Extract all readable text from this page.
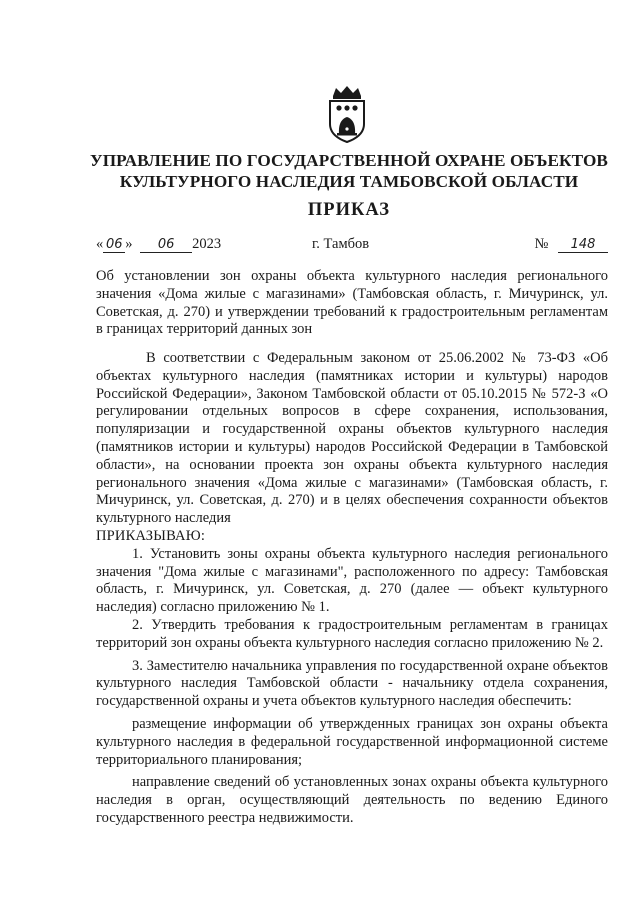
УПРАВЛЕНИЕ ПО ГОСУДАРСТВЕННОЙ ОХРАНЕ ОБЪЕКТОВ
КУЛЬТУРНОГО НАСЛЕДИЯ ТАМБОВСКОЙ ОБЛАСТИ
ПРИКАЗ
« 06 » 06 2023	г. Тамбов	№ 148
Об установлении зон охраны объекта культурного наследия регионального значения «Дома жилые с магазинами» (Тамбовская область, г. Мичуринск, ул. Советская, д. 270) и утверждении требований к градостроительным регламентам в границах территорий данных зон

В соответствии с Федеральным законом от 25.06.2002 № 73-ФЗ «Об объектах культурного наследия (памятниках истории и культуры) народов Российской Федерации», Законом Тамбовской области от 05.10.2015 № 572-З «О регулировании отдельных вопросов в сфере сохранения, использования, популяризации и государственной охраны объектов культурного наследия (памятников истории и культуры) народов Российской Федерации в Тамбовской области», на основании проекта зон охраны объекта культурного наследия регионального значения «Дома жилые с магазинами» (Тамбовская область, г. Мичуринск, ул. Советская, д. 270) и в целях обеспечения сохранности объектов культурного наследия

ПРИКАЗЫВАЮ:

1. Установить зоны охраны объекта культурного наследия регионального значения "Дома жилые с магазинами", расположенного по адресу: Тамбовская область, г. Мичуринск, ул. Советская, д. 270 (далее — объект культурного наследия) согласно приложению № 1.

2. Утвердить требования к градостроительным регламентам в границах территорий зон охраны объекта культурного наследия согласно приложению № 2.

3. Заместителю начальника управления по государственной охране объектов культурного наследия Тамбовской области - начальнику отдела сохранения, государственной охраны и учета объектов культурного наследия обеспечить:

размещение информации об утвержденных границах зон охраны объекта культурного наследия в федеральной государственной информационной системе территориального планирования;

направление сведений об установленных зонах охраны объекта культурного наследия в орган, осуществляющий деятельность по ведению Единого государственного реестра недвижимости.
